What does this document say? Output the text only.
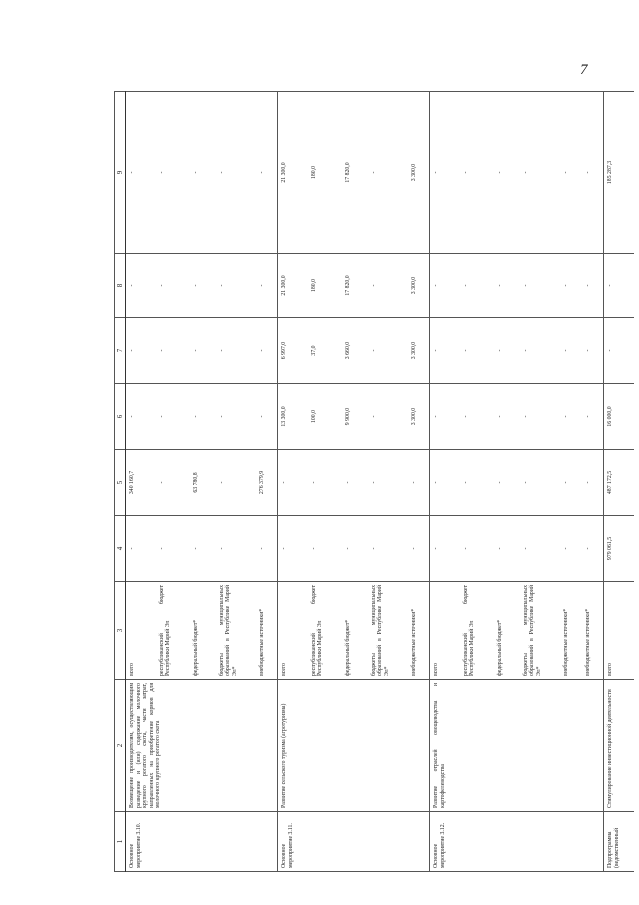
7
1	2	3	4	5	6	7	8	9
Основное мероприятие 3.10.	Возмещение производителям, осуществляющим разведение и (или) содержание молочного крупного рогатого скота, части затрат, направленных на приобретение кормов для молочного крупного рогатого скота	всего	-	340 160,7	-	-	-	-
		республиканский бюджет Республики Марий Эл	-	-	-	-	-	-
		федеральный бюджет*	-	63 780,8	-	-	-	-
		бюджеты муниципальных образований в Республике Марий Эл*	-	-	-	-	-	-
		внебюджетные источники*	-	276 379,9	-	-	-	-
Основное мероприятие 3.11.	Развитие сельского туризма (агротуризма)	всего	-	-	13 300,0	6 997,0	21 300,0	21 300,0
		республиканский бюджет Республики Марий Эл	-	-	100,0	37,0	180,0	180,0
		федеральный бюджет*	-	-	9 900,0	3 660,0	17 820,0	17 820,0
		бюджеты муниципальных образований в Республике Марий Эл*	-	-	-	-	-	-
		внебюджетные источники*	-	-	3 300,0	3 300,0	3 300,0	3 300,0
Основное мероприятие 3.12.	Развитие отраслей овощеводства и картофелеводства	всего	-	-	-	-	-	-
		республиканский бюджет Республики Марий Эл	-	-	-	-	-	-
		федеральный бюджет*	-	-	-	-	-	-
		бюджеты муниципальных образований в Республике Марий Эл*	-	-	-	-	-	-
		внебюджетные источники*	-	-	-	-	-	-
		внебюджетные источники*	-	-	-	-	-	-
Подпрограмма (ведомственный	Стимулирование инвестиционной деятельности	всего	979 061,5	487 172,5	16 000,0	-	-	185 287,3
